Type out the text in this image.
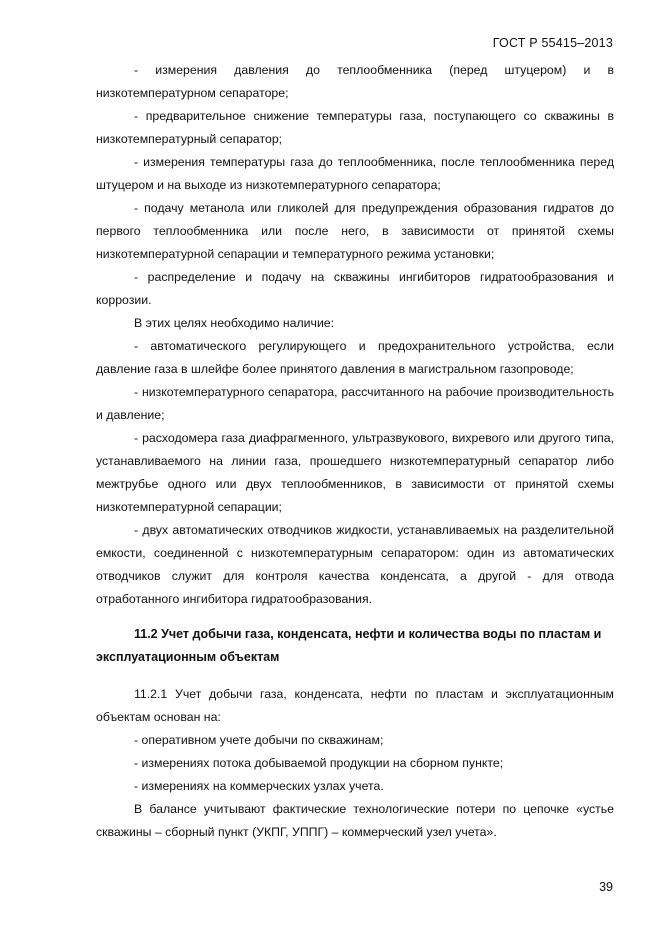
ГОСТ Р 55415–2013

- измерения давления до теплообменника (перед штуцером) и в низкотемпературном сепараторе;

- предварительное снижение температуры газа, поступающего со скважины в низкотемпературный сепаратор;

- измерения температуры газа до теплообменника, после теплообменника перед штуцером и на выходе из низкотемпературного сепаратора;

- подачу метанола или гликолей для предупреждения образования гидратов до первого теплообменника или после него, в зависимости от принятой схемы низкотемпературной сепарации и температурного режима установки;

- распределение и подачу на скважины ингибиторов гидратообразования и коррозии.

В этих целях необходимо наличие:

- автоматического регулирующего и предохранительного устройства, если давление газа в шлейфе более принятого давления в магистральном газопроводе;

- низкотемпературного сепаратора, рассчитанного на рабочие производительность и давление;

- расходомера газа диафрагменного, ультразвукового, вихревого или другого типа, устанавливаемого на линии газа, прошедшего низкотемпературный сепаратор либо межтрубье одного или двух теплообменников, в зависимости от принятой схемы низкотемпературной сепарации;

- двух автоматических отводчиков жидкости, устанавливаемых на разделительной емкости, соединенной с низкотемпературным сепаратором: один из автоматических отводчиков служит для контроля качества конденсата, а другой - для отвода отработанного ингибитора гидратообразования.

11.2 Учет добычи газа, конденсата, нефти и количества воды по пластам и эксплуатационным объектам

11.2.1 Учет добычи газа, конденсата, нефти по пластам и эксплуатационным объектам основан на:

- оперативном учете добычи по скважинам;

- измерениях потока добываемой продукции на сборном пункте;

- измерениях на коммерческих узлах учета.

В балансе учитывают фактические технологические потери по цепочке «устье скважины – сборный пункт (УКПГ, УППГ) – коммерческий узел учета».

39
